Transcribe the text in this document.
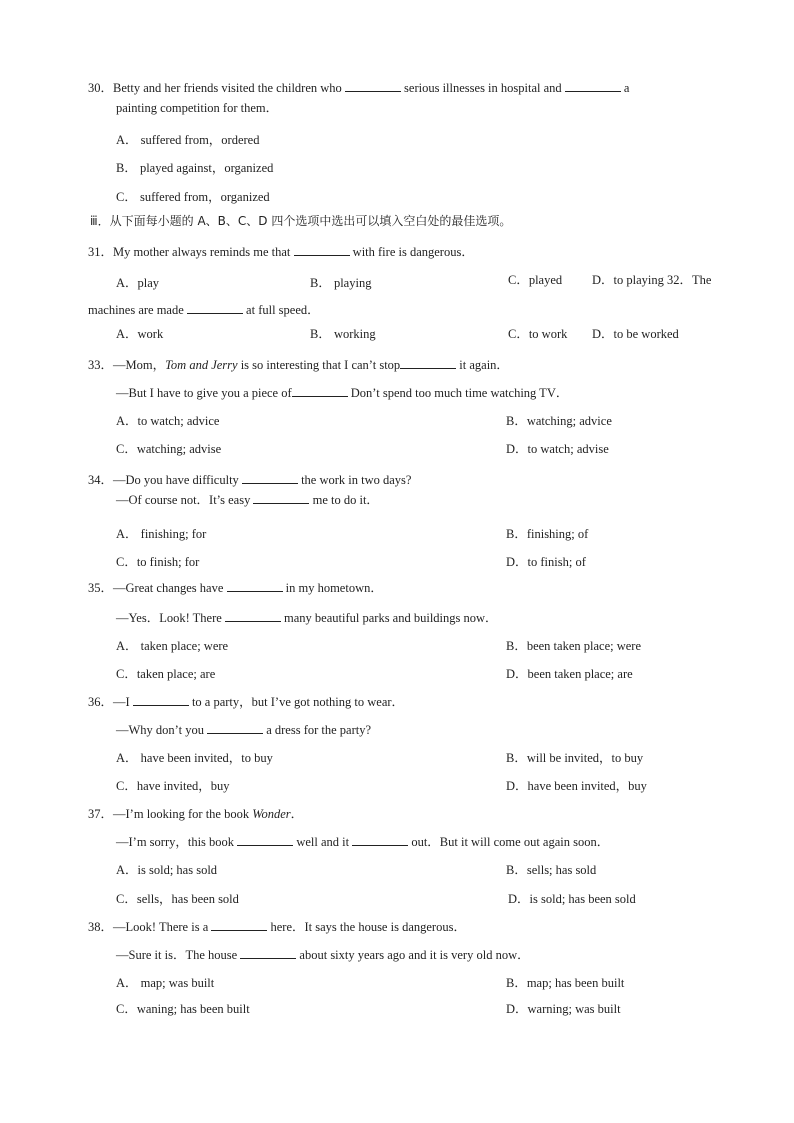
30．Betty and her friends visited the children who	serious illnesses in hospital and	a
painting competition for them．
A． suffered from，ordered
B． played against，organized
C． suffered from，organized
ⅲ．从下面每小题的 A、B、C、D 四个选项中选出可以填入空白处的最佳选项。
31．My mother always reminds me that	with fire is dangerous．
A．play	B． playing	C．played D．to playing 32．The
machines are made	at full speed．
A．work	B． working	C．to work D．to be worked
33．—Mom，Tom and Jerry is so interesting that I can’t stop	it again．
—But I have to give you a piece of	Don’t spend too much time watching TV．
A．to watch; advice	B．watching; advice
C．watching; advise	D．to watch; advise
34．—Do you have difficulty	the work in two days?
—Of course not．It’s easy	me to do it．
A． finishing; for	B．finishing; of
C．to finish; for	D．to finish; of
35．—Great changes have	in my hometown．
—Yes．Look! There	many beautiful parks and buildings now．
A． taken place; were	B．been taken place; were
C．taken place; are	D．been taken place; are
36．—I	to a party，but I’ve got nothing to wear．
—Why don’t you	a dress for the party?
A． have been invited，to buy	B．will be invited，to buy
C．have invited，buy	D．have been invited，buy
37．—I’m looking for the book Wonder．
—I’m sorry，this book	well and it	out．But it will come out again soon．
A．is sold; has sold	B．sells; has sold
C．sells，has been sold	D．is sold; has been sold
38．—Look! There is a	here．It says the house is dangerous．
—Sure it is．The house	about sixty years ago and it is very old now．
A． map; was built	B．map; has been built
C．waning; has been built	D．warning; was built
